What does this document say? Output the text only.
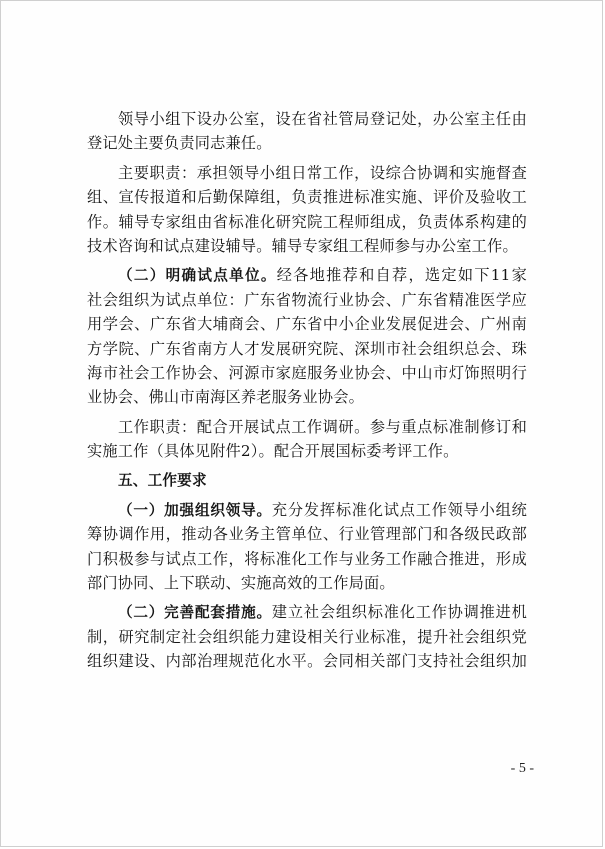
领导小组下设办公室，设在省社管局登记处，办公室主任由
登记处主要负责同志兼任。
主要职责：承担领导小组日常工作，设综合协调和实施督查
组、宣传报道和后勤保障组，负责推进标准实施、评价及验收工
作。辅导专家组由省标准化研究院工程师组成，负责体系构建的
技术咨询和试点建设辅导。辅导专家组工程师参与办公室工作。
（二）明确试点单位。经各地推荐和自荐，选定如下11家
社会组织为试点单位：广东省物流行业协会、广东省精准医学应
用学会、广东省大埔商会、广东省中小企业发展促进会、广州南
方学院、广东省南方人才发展研究院、深圳市社会组织总会、珠
海市社会工作协会、河源市家庭服务业协会、中山市灯饰照明行
业协会、佛山市南海区养老服务业协会。
工作职责：配合开展试点工作调研。参与重点标准制修订和
实施工作（具体见附件2）。配合开展国标委考评工作。
五、工作要求
（一）加强组织领导。充分发挥标准化试点工作领导小组统
筹协调作用，推动各业务主管单位、行业管理部门和各级民政部
门积极参与试点工作，将标准化工作与业务工作融合推进，形成
部门协同、上下联动、实施高效的工作局面。
（二）完善配套措施。建立社会组织标准化工作协调推进机
制，研究制定社会组织能力建设相关行业标准，提升社会组织党
组织建设、内部治理规范化水平。会同相关部门支持社会组织加
- 5 -
